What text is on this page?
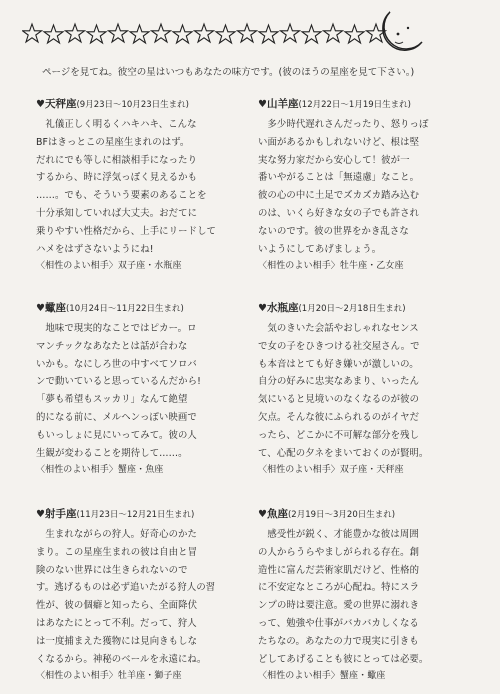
ページを見てね。彼空の星はいつもあなたの味方です。(彼のほうの星座を見て下さい。)
♥天秤座(9月23日〜10月23日生まれ)

礼儀正しく明るくハキハキ、こんな

BFはきっとこの星座生まれのはず。

だれにでも等しに相談相手になったり

するから、時に浮気っぽく見えるかも

……。でも、そういう要素のあることを

十分承知していれば大丈夫。おだてに

乗りやすい性格だから、上手にリードして

ハメをはずさないようにね!

〈相性のよい相手〉双子座・水瓶座

♥山羊座(12月22日〜1月19日生まれ)

多少時代遅れさんだったり、怒りっぽ

い面があるかもしれないけど、根は堅

実な努力家だから安心して！彼が一

番いやがることは「無遠慮」なこと。

彼の心の中に土足でズカズカ踏み込む

のは、いくら好きな女の子でも許され

ないのです。彼の世界をかき乱さな

いようにしてあげましょう。

〈相性のよい相手〉牡牛座・乙女座

♥蠍座(10月24日〜11月22日生まれ)

地味で現実的なことではピカー。ロ

マンチックなあなたとは話が合わな

いかも。なにしろ世の中すべてソロバ

ンで動いていると思っているんだから!

「夢も希望もスッカリ」なんて絶望

的になる前に、メルヘンっぽい映画で

もいっしょに見にいってみて。彼の人

生観が変わることを期待して……。

〈相性のよい相手〉蟹座・魚座

♥水瓶座(1月20日〜2月18日生まれ)

気のきいた会話やおしゃれなセンス

で女の子をひきつける社交屋さん。で

も本音はとても好き嫌いが激しいの。

自分の好みに忠実なあまり、いったん

気にいると見境いのなくなるのが彼の

欠点。そんな彼にふられるのがイヤだ

ったら、どこかに不可解な部分を残し

て、心配の夕ネをまいておくのが賢明。

〈相性のよい相手〉双子座・天秤座

♥射手座(11月23日〜12月21日生まれ)

生まれながらの狩人。好奇心のかた

まり。この星座生まれの彼は自由と冒

険のない世界には生きられないので

す。逃げるものは必ず追いたがる狩人の習

性が、彼の個癖と知ったら、全面降伏

はあなたにとって不利。だって、狩人

は一度捕まえた獲物には見向きもしな

くなるから。神秘のベールを永遠にね。

〈相性のよい相手〉牡羊座・獅子座

♥魚座(2月19日〜3月20日生まれ)

感受性が鋭く、才能豊かな彼は周囲

の人からうらやましがられる存在。創

造性に富んだ芸術家肌だけど、性格的

に不安定なところが心配ね。特にスラ

ンプの時は要注意。愛の世界に溺れき

って、勉強や仕事がバカバカしくなる

たちなの。あなたの力で現実に引きも

どしてあげることも彼にとっては必要。

〈相性のよい相手〉蟹座・蠍座
